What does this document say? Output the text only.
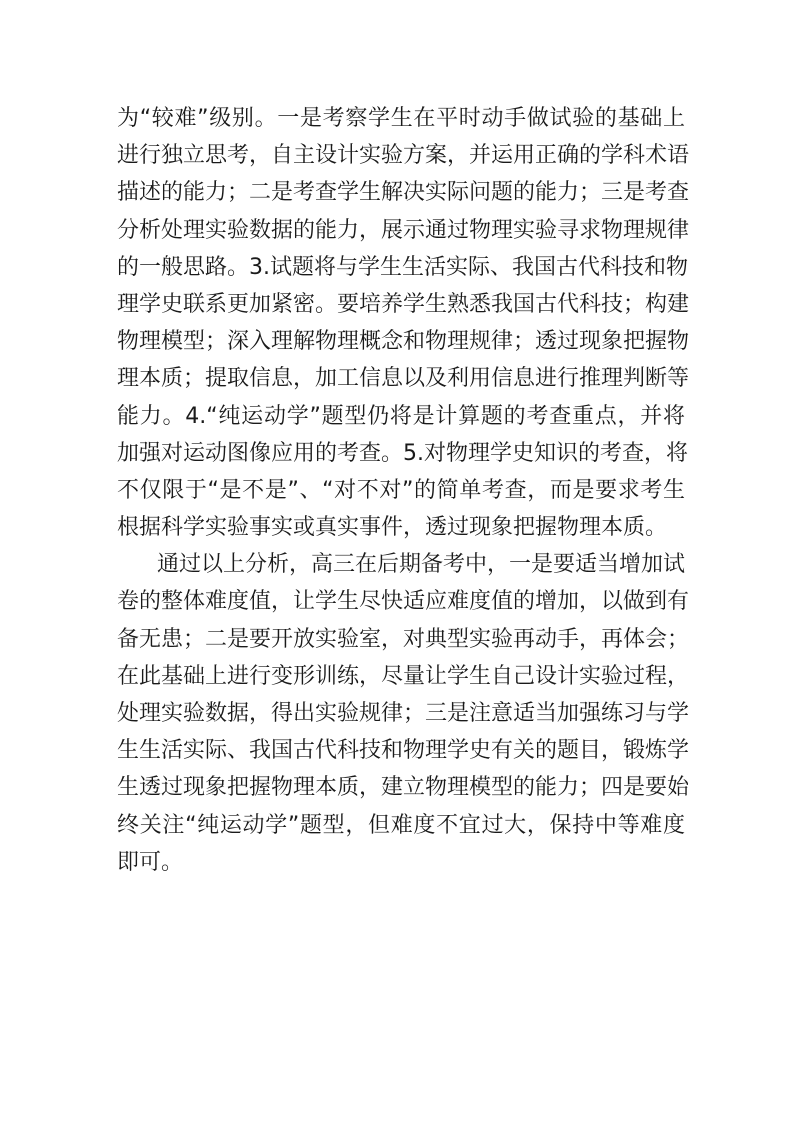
为“较难”级别。一是考察学生在平时动手做试验的基础上
进行独立思考，自主设计实验方案，并运用正确的学科术语
描述的能力；二是考查学生解决实际问题的能力；三是考查
分析处理实验数据的能力，展示通过物理实验寻求物理规律
的一般思路。3.试题将与学生生活实际、我国古代科技和物
理学史联系更加紧密。要培养学生熟悉我国古代科技；构建
物理模型；深入理解物理概念和物理规律；透过现象把握物
理本质；提取信息，加工信息以及利用信息进行推理判断等
能力。4.“纯运动学”题型仍将是计算题的考查重点，并将
加强对运动图像应用的考查。5.对物理学史知识的考查，将
不仅限于“是不是”、“对不对”的简单考查，而是要求考生
根据科学实验事实或真实事件，透过现象把握物理本质。
通过以上分析，高三在后期备考中，一是要适当增加试
卷的整体难度值，让学生尽快适应难度值的增加，以做到有
备无患；二是要开放实验室，对典型实验再动手，再体会；
在此基础上进行变形训练，尽量让学生自己设计实验过程，
处理实验数据，得出实验规律；三是注意适当加强练习与学
生生活实际、我国古代科技和物理学史有关的题目，锻炼学
生透过现象把握物理本质，建立物理模型的能力；四是要始
终关注“纯运动学”题型，但难度不宜过大，保持中等难度
即可。
